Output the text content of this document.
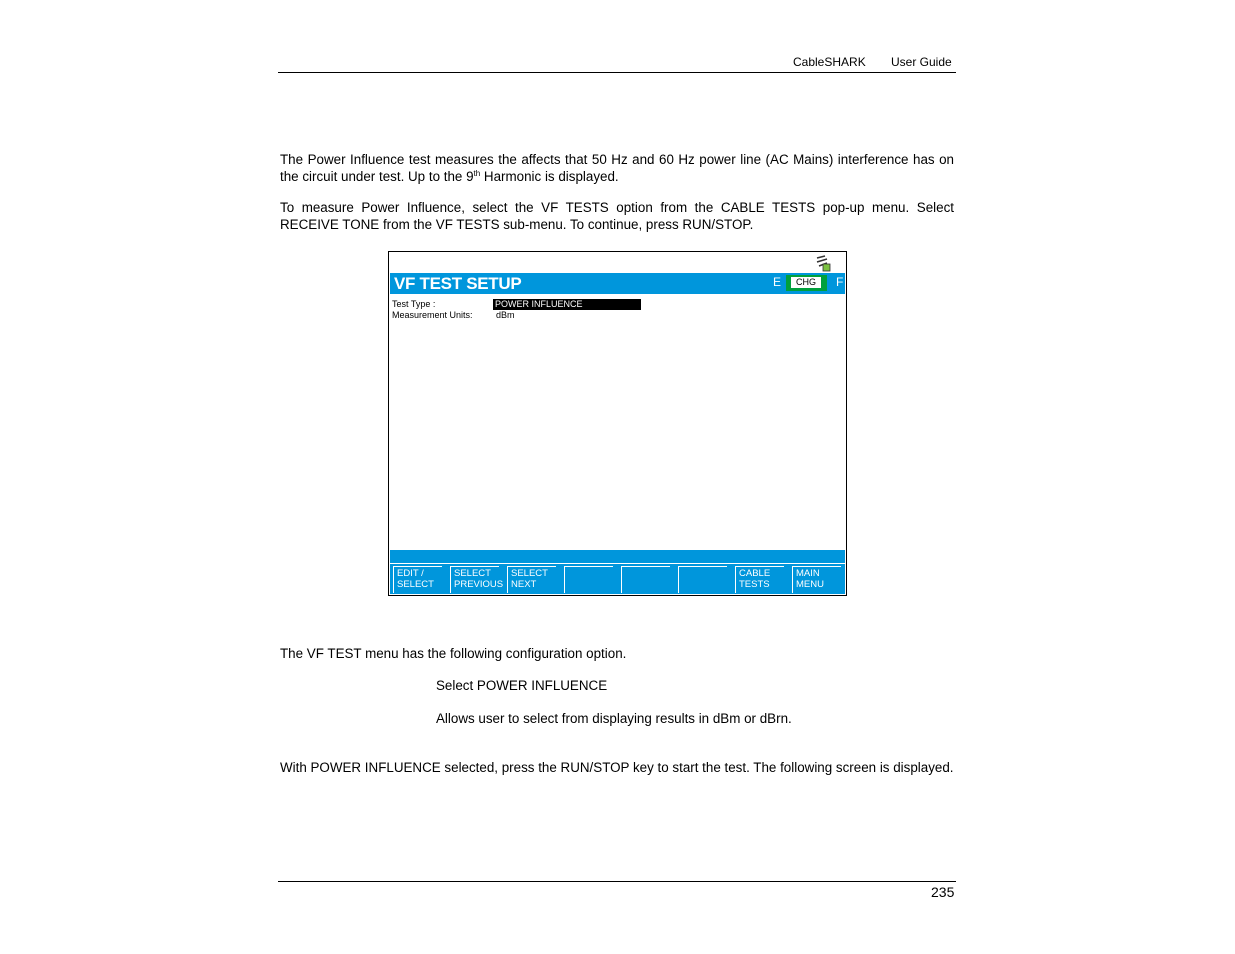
CableSHARK User Guide
The Power Influence test measures the affects that 50 Hz and 60 Hz power line (AC Mains) interference has on the circuit under test. Up to the 9th Harmonic is displayed.
To measure Power Influence, select the VF TESTS option from the CABLE TESTS pop-up menu. Select RECEIVE TONE from the VF TESTS sub-menu. To continue, press RUN/STOP.
VF TEST SETUP	E	CHG	F
Test Type :	POWER INFLUENCE
Measurement Units:	dBm
EDIT /
SELECT
SELECT
PREVIOUS
SELECT
NEXT
CABLE
TESTS
MAIN
MENU
The VF TEST menu has the following configuration option.
Select POWER INFLUENCE
Allows user to select from displaying results in dBm or dBrn.
With POWER INFLUENCE selected, press the RUN/STOP key to start the test. The following screen is displayed.
235
